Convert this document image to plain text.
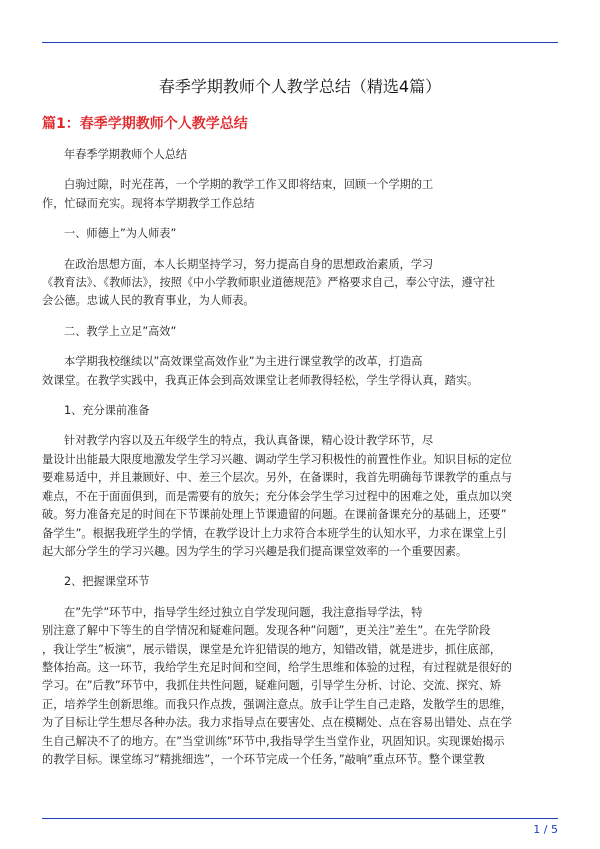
春季学期教师个人教学总结（精选4篇）
篇1：春季学期教师个人教学总结
年春季学期教师个人总结
白驹过隙，时光荏苒，一个学期的教学工作又即将结束，回顾一个学期的工
作，忙碌而充实。现将本学期教学工作总结
一、师德上”为人师表”
在政治思想方面，本人长期坚持学习，努力提高自身的思想政治素质，学习
《教育法》、《教师法》，按照《中小学教师职业道德规范》严格要求自己，奉公守法，遵守社
会公德。忠诚人民的教育事业，为人师表。
二、教学上立足”高效”
本学期我校继续以”高效课堂高效作业”为主进行课堂教学的改革，打造高
效课堂。在教学实践中，我真正体会到高效课堂让老师教得轻松，学生学得认真，踏实。
1、充分课前准备
针对教学内容以及五年级学生的特点，我认真备课，精心设计教学环节，尽
量设计出能最大限度地激发学生学习兴趣、调动学生学习积极性的前置性作业。知识目标的定位
要难易适中，并且兼顾好、中、差三个层次。另外，在备课时，我首先明确每节课教学的重点与
难点，不在于面面俱到，而是需要有的放矢；充分体会学生学习过程中的困难之处，重点加以突
破。努力准备充足的时间在下节课前处理上节课遗留的问题。在课前备课充分的基础上，还要”
备学生”。根据我班学生的学情，在教学设计上力求符合本班学生的认知水平，力求在课堂上引
起大部分学生的学习兴趣。因为学生的学习兴趣是我们提高课堂效率的一个重要因素。
2、把握课堂环节
在”先学”环节中，指导学生经过独立自学发现问题，我注意指导学法，特
别注意了解中下等生的自学情况和疑难问题。发现各种”问题”，更关注”差生”。在先学阶段
，我让学生”板演”，展示错误，课堂是允许犯错误的地方，知错改错，就是进步，抓住底部，
整体抬高。这一环节，我给学生充足时间和空间，给学生思维和体验的过程，有过程就是很好的
学习。在”后教”环节中，我抓住共性问题，疑难问题，引导学生分析、讨论、交流、探究、矫
正，培养学生创新思维。而我只作点拨，强调注意点。放手让学生自己走路，发散学生的思维，
为了目标让学生想尽各种办法。我力求指导点在要害处、点在模糊处、点在容易出错处、点在学
生自己解决不了的地方。在”当堂训练”环节中,我指导学生当堂作业，巩固知识。实现课始揭示
的教学目标。课堂练习”精挑细选”，一个环节完成一个任务，”敲响”重点环节。整个课堂教
1 / 5
